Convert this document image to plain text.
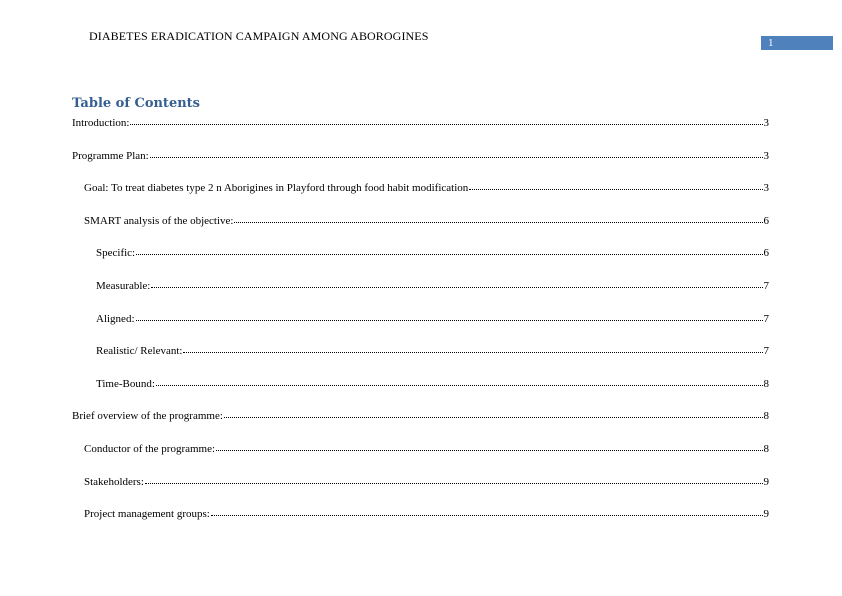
DIABETES ERADICATION CAMPAIGN AMONG ABOROGINES	1
Table of Contents
Introduction:	3
Programme Plan:	3
Goal: To treat diabetes type 2 n Aborigines in Playford through food habit modification	3
SMART analysis of the objective:	6
Specific:	6
Measurable:	7
Aligned:	7
Realistic/ Relevant:	7
Time-Bound:	8
Brief overview of the programme:	8
Conductor of the programme:	8
Stakeholders:	9
Project management groups:	9
